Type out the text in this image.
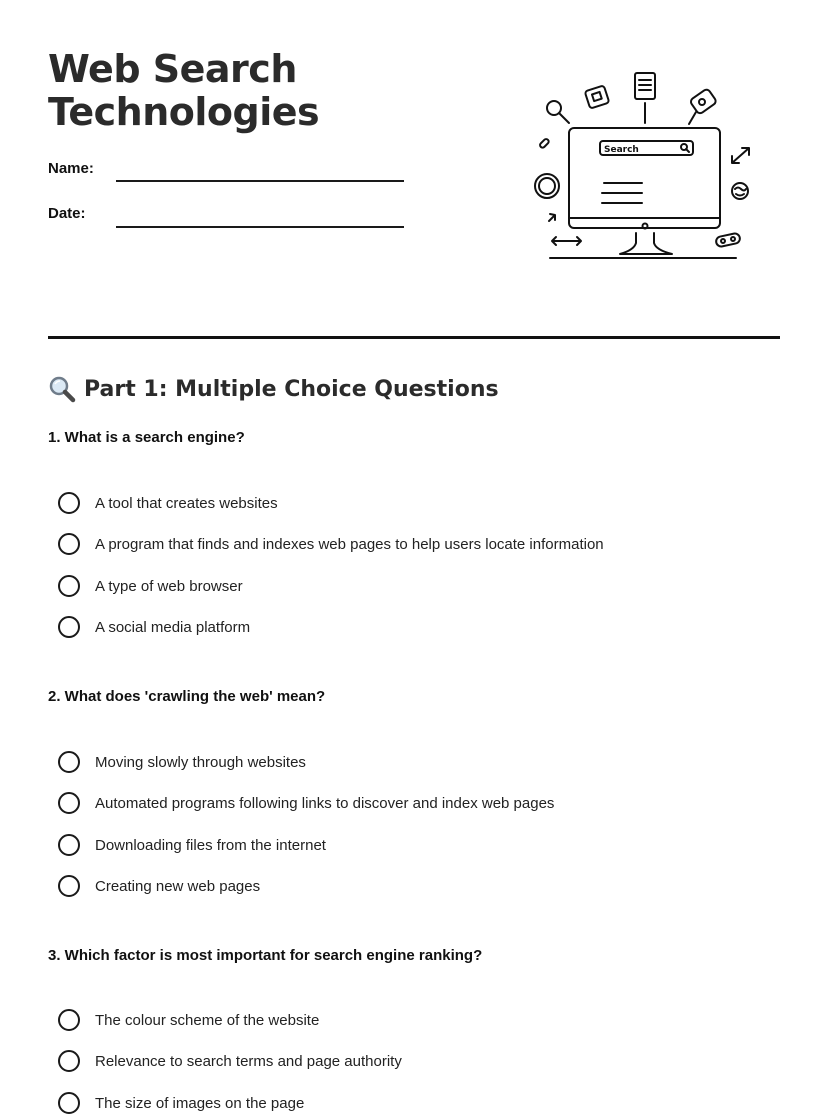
Web Search Technologies
Name:
Date:
Search
Part 1: Multiple Choice Questions
1. What is a search engine?
A tool that creates websites
A program that finds and indexes web pages to help users locate information
A type of web browser
A social media platform
2. What does 'crawling the web' mean?
Moving slowly through websites
Automated programs following links to discover and index web pages
Downloading files from the internet
Creating new web pages
3. Which factor is most important for search engine ranking?
The colour scheme of the website
Relevance to search terms and page authority
The size of images on the page
